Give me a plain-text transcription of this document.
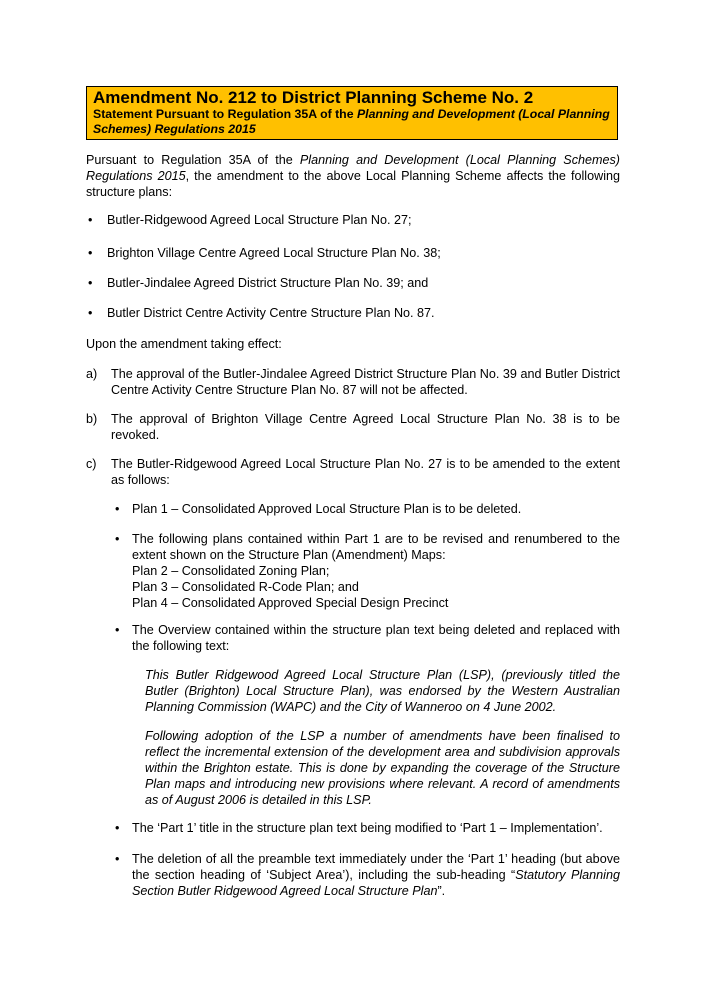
Amendment No. 212 to District Planning Scheme No. 2
Statement Pursuant to Regulation 35A of the Planning and Development (Local Planning Schemes) Regulations 2015

Pursuant to Regulation 35A of the Planning and Development (Local Planning Schemes) Regulations 2015, the amendment to the above Local Planning Scheme affects the following structure plans:

• Butler-Ridgewood Agreed Local Structure Plan No. 27;
• Brighton Village Centre Agreed Local Structure Plan No. 38;
• Butler-Jindalee Agreed District Structure Plan No. 39; and
• Butler District Centre Activity Centre Structure Plan No. 87.

Upon the amendment taking effect:

a) The approval of the Butler-Jindalee Agreed District Structure Plan No. 39 and Butler District Centre Activity Centre Structure Plan No. 87 will not be affected.
b) The approval of Brighton Village Centre Agreed Local Structure Plan No. 38 is to be revoked.
c) The Butler-Ridgewood Agreed Local Structure Plan No. 27 is to be amended to the extent as follows:
• Plan 1 – Consolidated Approved Local Structure Plan is to be deleted.
• The following plans contained within Part 1 are to be revised and renumbered to the extent shown on the Structure Plan (Amendment) Maps:
Plan 2 – Consolidated Zoning Plan;
Plan 3 – Consolidated R-Code Plan; and
Plan 4 – Consolidated Approved Special Design Precinct
• The Overview contained within the structure plan text being deleted and replaced with the following text:

This Butler Ridgewood Agreed Local Structure Plan (LSP), (previously titled the Butler (Brighton) Local Structure Plan), was endorsed by the Western Australian Planning Commission (WAPC) and the City of Wanneroo on 4 June 2002.

Following adoption of the LSP a number of amendments have been finalised to reflect the incremental extension of the development area and subdivision approvals within the Brighton estate. This is done by expanding the coverage of the Structure Plan maps and introducing new provisions where relevant. A record of amendments as of August 2006 is detailed in this LSP.

• The ‘Part 1’ title in the structure plan text being modified to ‘Part 1 – Implementation’.
• The deletion of all the preamble text immediately under the ‘Part 1’ heading (but above the section heading of ‘Subject Area’), including the sub-heading “Statutory Planning Section Butler Ridgewood Agreed Local Structure Plan”.
